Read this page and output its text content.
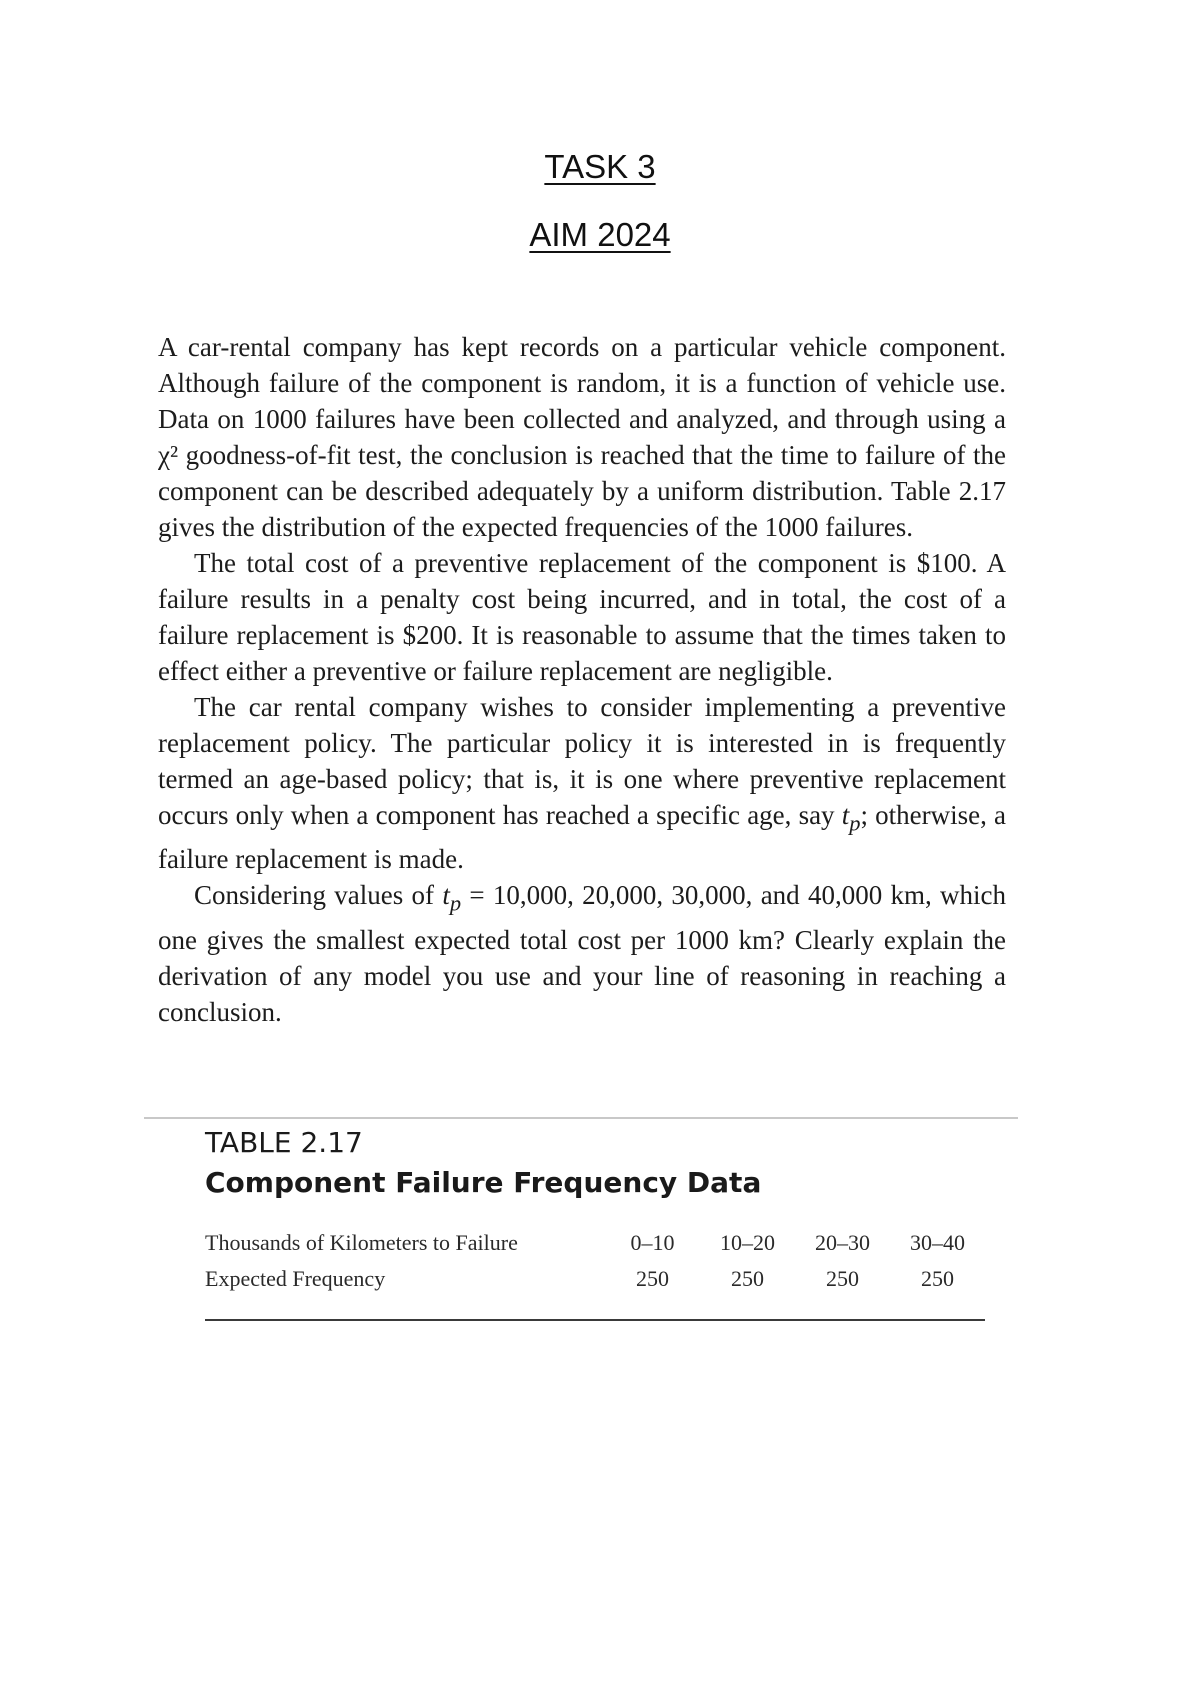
TASK 3
AIM 2024

A car-rental company has kept records on a particular vehicle component. Although failure of the component is random, it is a function of vehicle use. Data on 1000 failures have been collected and analyzed, and through using a χ² goodness-of-fit test, the conclusion is reached that the time to failure of the component can be described adequately by a uniform distribution. Table 2.17 gives the distribution of the expected frequencies of the 1000 failures.

The total cost of a preventive replacement of the component is $100. A failure results in a penalty cost being incurred, and in total, the cost of a failure replacement is $200. It is reasonable to assume that the times taken to effect either a preventive or failure replacement are negligible.

The car rental company wishes to consider implementing a preventive replacement policy. The particular policy it is interested in is frequently termed an age-based policy; that is, it is one where preventive replacement occurs only when a component has reached a specific age, say $t_p$; otherwise, a failure replacement is made.

Considering values of $t_p = 10,000$, 20,000, 30,000, and 40,000 km, which one gives the smallest expected total cost per 1000 km? Clearly explain the derivation of any model you use and your line of reasoning in reaching a conclusion.

TABLE 2.17
Component Failure Frequency Data
Thousands of Kilometers to Failure	0–10	10–20	20–30	30–40
Expected Frequency	250	250	250	250
